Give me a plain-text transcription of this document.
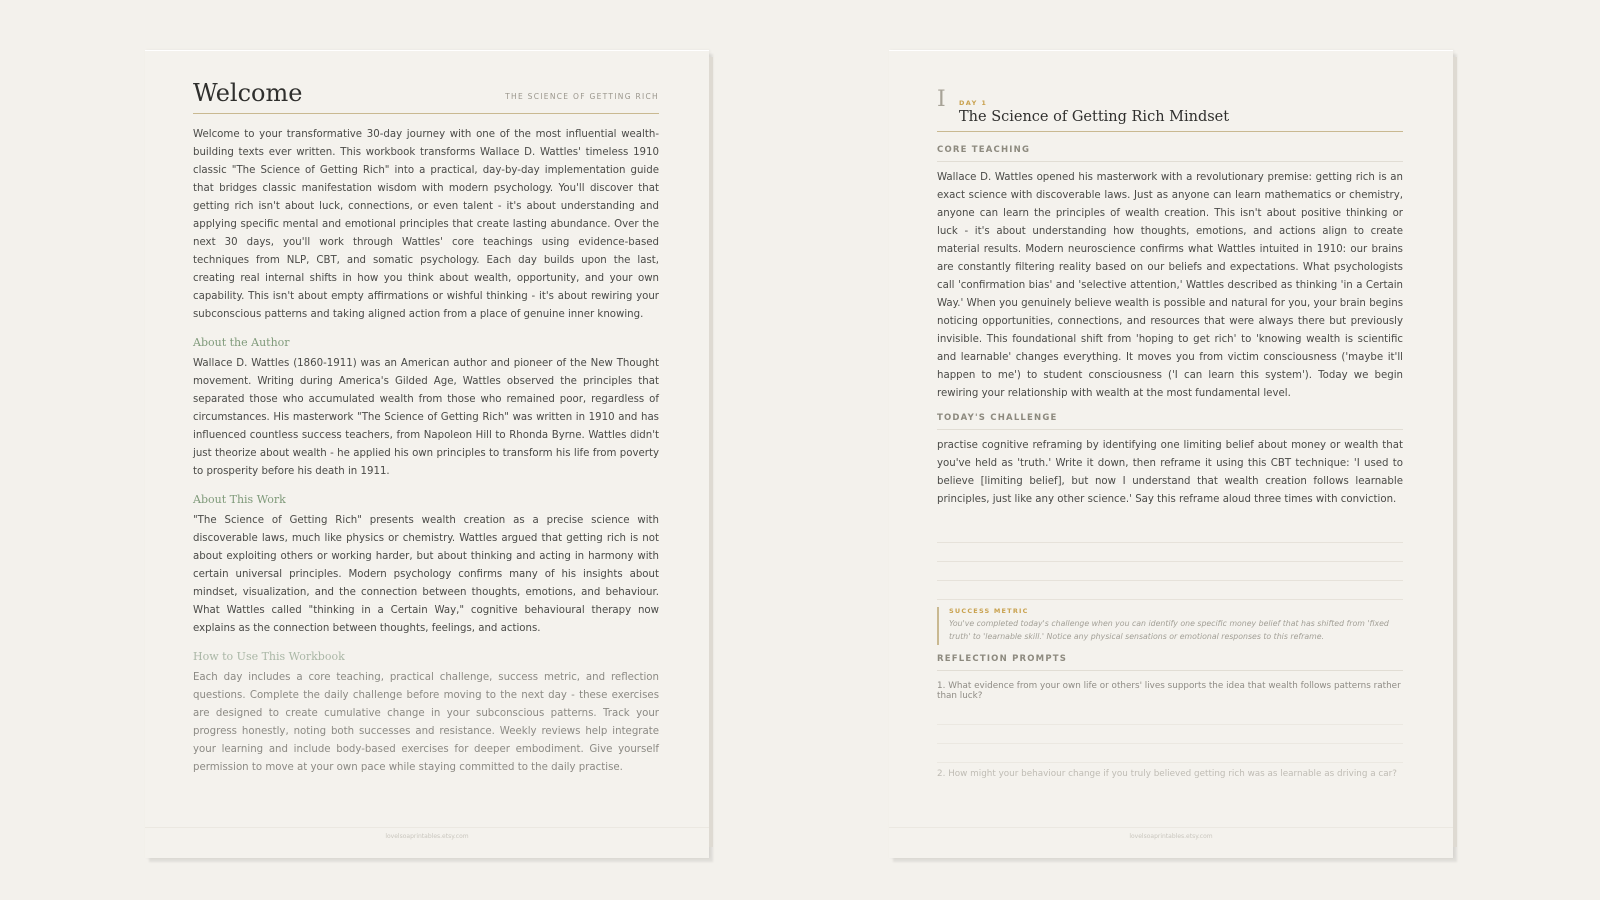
Welcome	THE SCIENCE OF GETTING RICH

Welcome to your transformative 30-day journey with one of the most influential wealth-building texts ever written. This workbook transforms Wallace D. Wattles' timeless 1910 classic "The Science of Getting Rich" into a practical, day-by-day implementation guide that bridges classic manifestation wisdom with modern psychology. You'll discover that getting rich isn't about luck, connections, or even talent - it's about understanding and applying specific mental and emotional principles that create lasting abundance. Over the next 30 days, you'll work through Wattles' core teachings using evidence-based techniques from NLP, CBT, and somatic psychology. Each day builds upon the last, creating real internal shifts in how you think about wealth, opportunity, and your own capability. This isn't about empty affirmations or wishful thinking - it's about rewiring your subconscious patterns and taking aligned action from a place of genuine inner knowing.

About the Author

Wallace D. Wattles (1860-1911) was an American author and pioneer of the New Thought movement. Writing during America's Gilded Age, Wattles observed the principles that separated those who accumulated wealth from those who remained poor, regardless of circumstances. His masterwork "The Science of Getting Rich" was written in 1910 and has influenced countless success teachers, from Napoleon Hill to Rhonda Byrne. Wattles didn't just theorize about wealth - he applied his own principles to transform his life from poverty to prosperity before his death in 1911.

About This Work

"The Science of Getting Rich" presents wealth creation as a precise science with discoverable laws, much like physics or chemistry. Wattles argued that getting rich is not about exploiting others or working harder, but about thinking and acting in harmony with certain universal principles. Modern psychology confirms many of his insights about mindset, visualization, and the connection between thoughts, emotions, and behaviour. What Wattles called "thinking in a Certain Way," cognitive behavioural therapy now explains as the connection between thoughts, feelings, and actions.

How to Use This Workbook

Each day includes a core teaching, practical challenge, success metric, and reflection questions. Complete the daily challenge before moving to the next day - these exercises are designed to create cumulative change in your subconscious patterns. Track your progress honestly, noting both successes and resistance. Weekly reviews help integrate your learning and include body-based exercises for deeper embodiment. Give yourself permission to move at your own pace while staying committed to the daily practise.

lovelsoaprintables.etsy.com
I	DAY 1
The Science of Getting Rich Mindset
CORE TEACHING

Wallace D. Wattles opened his masterwork with a revolutionary premise: getting rich is an exact science with discoverable laws. Just as anyone can learn mathematics or chemistry, anyone can learn the principles of wealth creation. This isn't about positive thinking or luck - it's about understanding how thoughts, emotions, and actions align to create material results. Modern neuroscience confirms what Wattles intuited in 1910: our brains are constantly filtering reality based on our beliefs and expectations. What psychologists call 'confirmation bias' and 'selective attention,' Wattles described as thinking 'in a Certain Way.' When you genuinely believe wealth is possible and natural for you, your brain begins noticing opportunities, connections, and resources that were always there but previously invisible. This foundational shift from 'hoping to get rich' to 'knowing wealth is scientific and learnable' changes everything. It moves you from victim consciousness ('maybe it'll happen to me') to student consciousness ('I can learn this system'). Today we begin rewiring your relationship with wealth at the most fundamental level.

TODAY'S CHALLENGE

practise cognitive reframing by identifying one limiting belief about money or wealth that you've held as 'truth.' Write it down, then reframe it using this CBT technique: 'I used to believe [limiting belief], but now I understand that wealth creation follows learnable principles, just like any other science.' Say this reframe aloud three times with conviction.

SUCCESS METRIC
You've completed today's challenge when you can identify one specific money belief that has shifted from 'fixed truth' to 'learnable skill.' Notice any physical sensations or emotional responses to this reframe.
REFLECTION PROMPTS
1. What evidence from your own life or others' lives supports the idea that wealth follows patterns rather than luck?
2. How might your behaviour change if you truly believed getting rich was as learnable as driving a car?
lovelsoaprintables.etsy.com
